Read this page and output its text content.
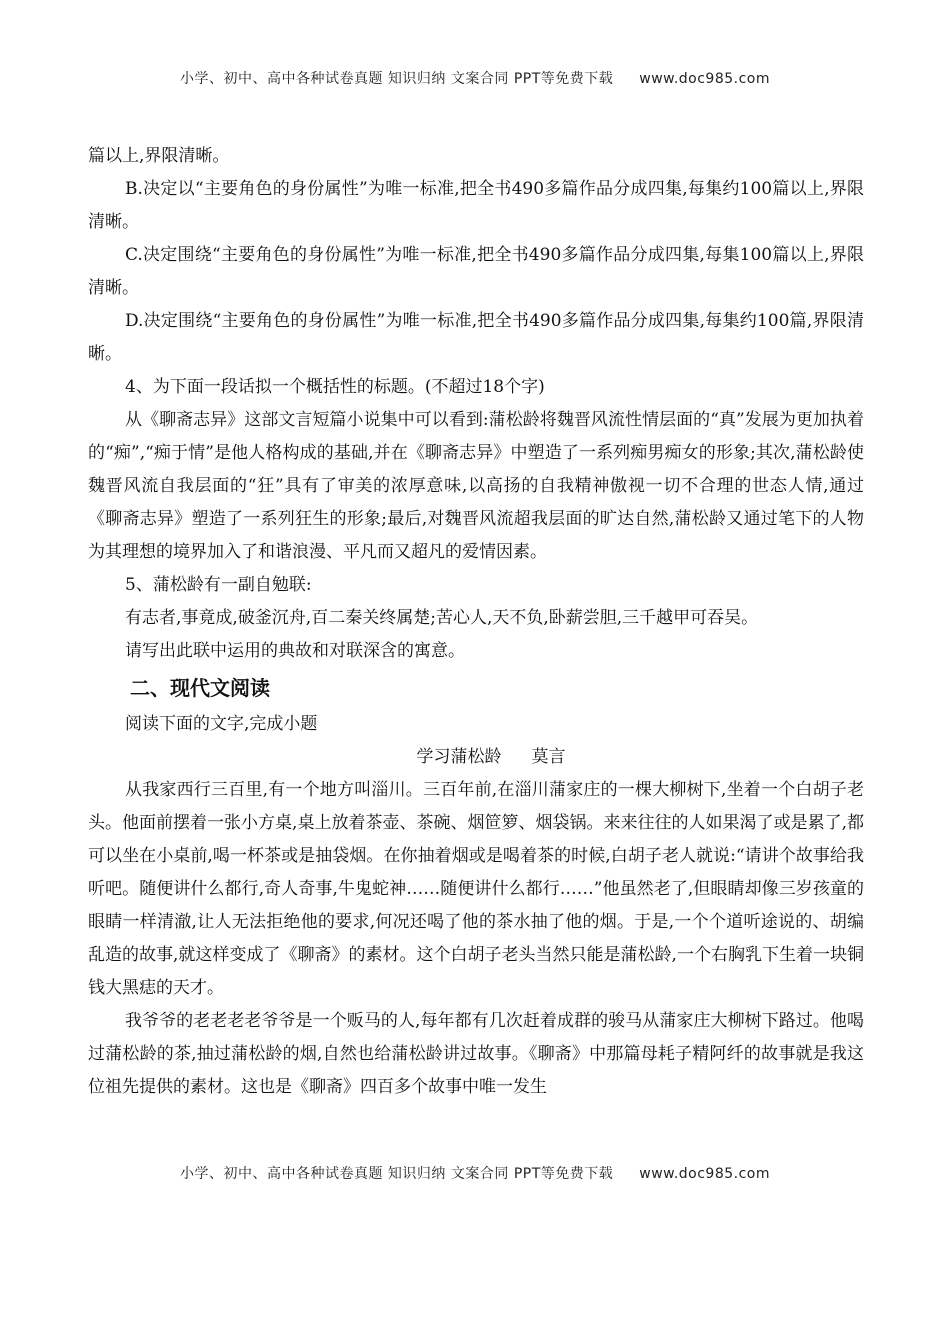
小学、初中、高中各种试卷真题 知识归纳 文案合同 PPT等免费下载 www.doc985.com

篇以上,界限清晰。

B.决定以“主要角色的身份属性”为唯一标准,把全书490多篇作品分成四集,每集约100篇以上,界限清晰。

C.决定围绕“主要角色的身份属性”为唯一标准,把全书490多篇作品分成四集,每集100篇以上,界限清晰。

D.决定围绕“主要角色的身份属性”为唯一标准,把全书490多篇作品分成四集,每集约100篇,界限清晰。

4、为下面一段话拟一个概括性的标题。(不超过18个字)

从《聊斋志异》这部文言短篇小说集中可以看到:蒲松龄将魏晋风流性情层面的“真”发展为更加执着的“痴”,“痴于情”是他人格构成的基础,并在《聊斋志异》中塑造了一系列痴男痴女的形象;其次,蒲松龄使魏晋风流自我层面的“狂”具有了审美的浓厚意味,以高扬的自我精神傲视一切不合理的世态人情,通过《聊斋志异》塑造了一系列狂生的形象;最后,对魏晋风流超我层面的旷达自然,蒲松龄又通过笔下的人物为其理想的境界加入了和谐浪漫、平凡而又超凡的爱情因素。

5、蒲松龄有一副自勉联:

有志者,事竟成,破釜沉舟,百二秦关终属楚;苦心人,天不负,卧薪尝胆,三千越甲可吞吴。

请写出此联中运用的典故和对联深含的寓意。

二、现代文阅读

阅读下面的文字,完成小题

学习蒲松龄 莫言

从我家西行三百里,有一个地方叫淄川。三百年前,在淄川蒲家庄的一棵大柳树下,坐着一个白胡子老头。他面前摆着一张小方桌,桌上放着茶壶、茶碗、烟笸箩、烟袋锅。来来往往的人如果渴了或是累了,都可以坐在小桌前,喝一杯茶或是抽袋烟。在你抽着烟或是喝着茶的时候,白胡子老人就说:“请讲个故事给我听吧。随便讲什么都行,奇人奇事,牛鬼蛇神……随便讲什么都行……”他虽然老了,但眼睛却像三岁孩童的眼睛一样清澈,让人无法拒绝他的要求,何况还喝了他的茶水抽了他的烟。于是,一个个道听途说的、胡编乱造的故事,就这样变成了《聊斋》的素材。这个白胡子老头当然只能是蒲松龄,一个右胸乳下生着一块铜钱大黑痣的天才。

我爷爷的老老老老爷爷是一个贩马的人,每年都有几次赶着成群的骏马从蒲家庄大柳树下路过。他喝过蒲松龄的茶,抽过蒲松龄的烟,自然也给蒲松龄讲过故事。《聊斋》中那篇母耗子精阿纤的故事就是我这位祖先提供的素材。这也是《聊斋》四百多个故事中唯一发生

小学、初中、高中各种试卷真题 知识归纳 文案合同 PPT等免费下载 www.doc985.com
